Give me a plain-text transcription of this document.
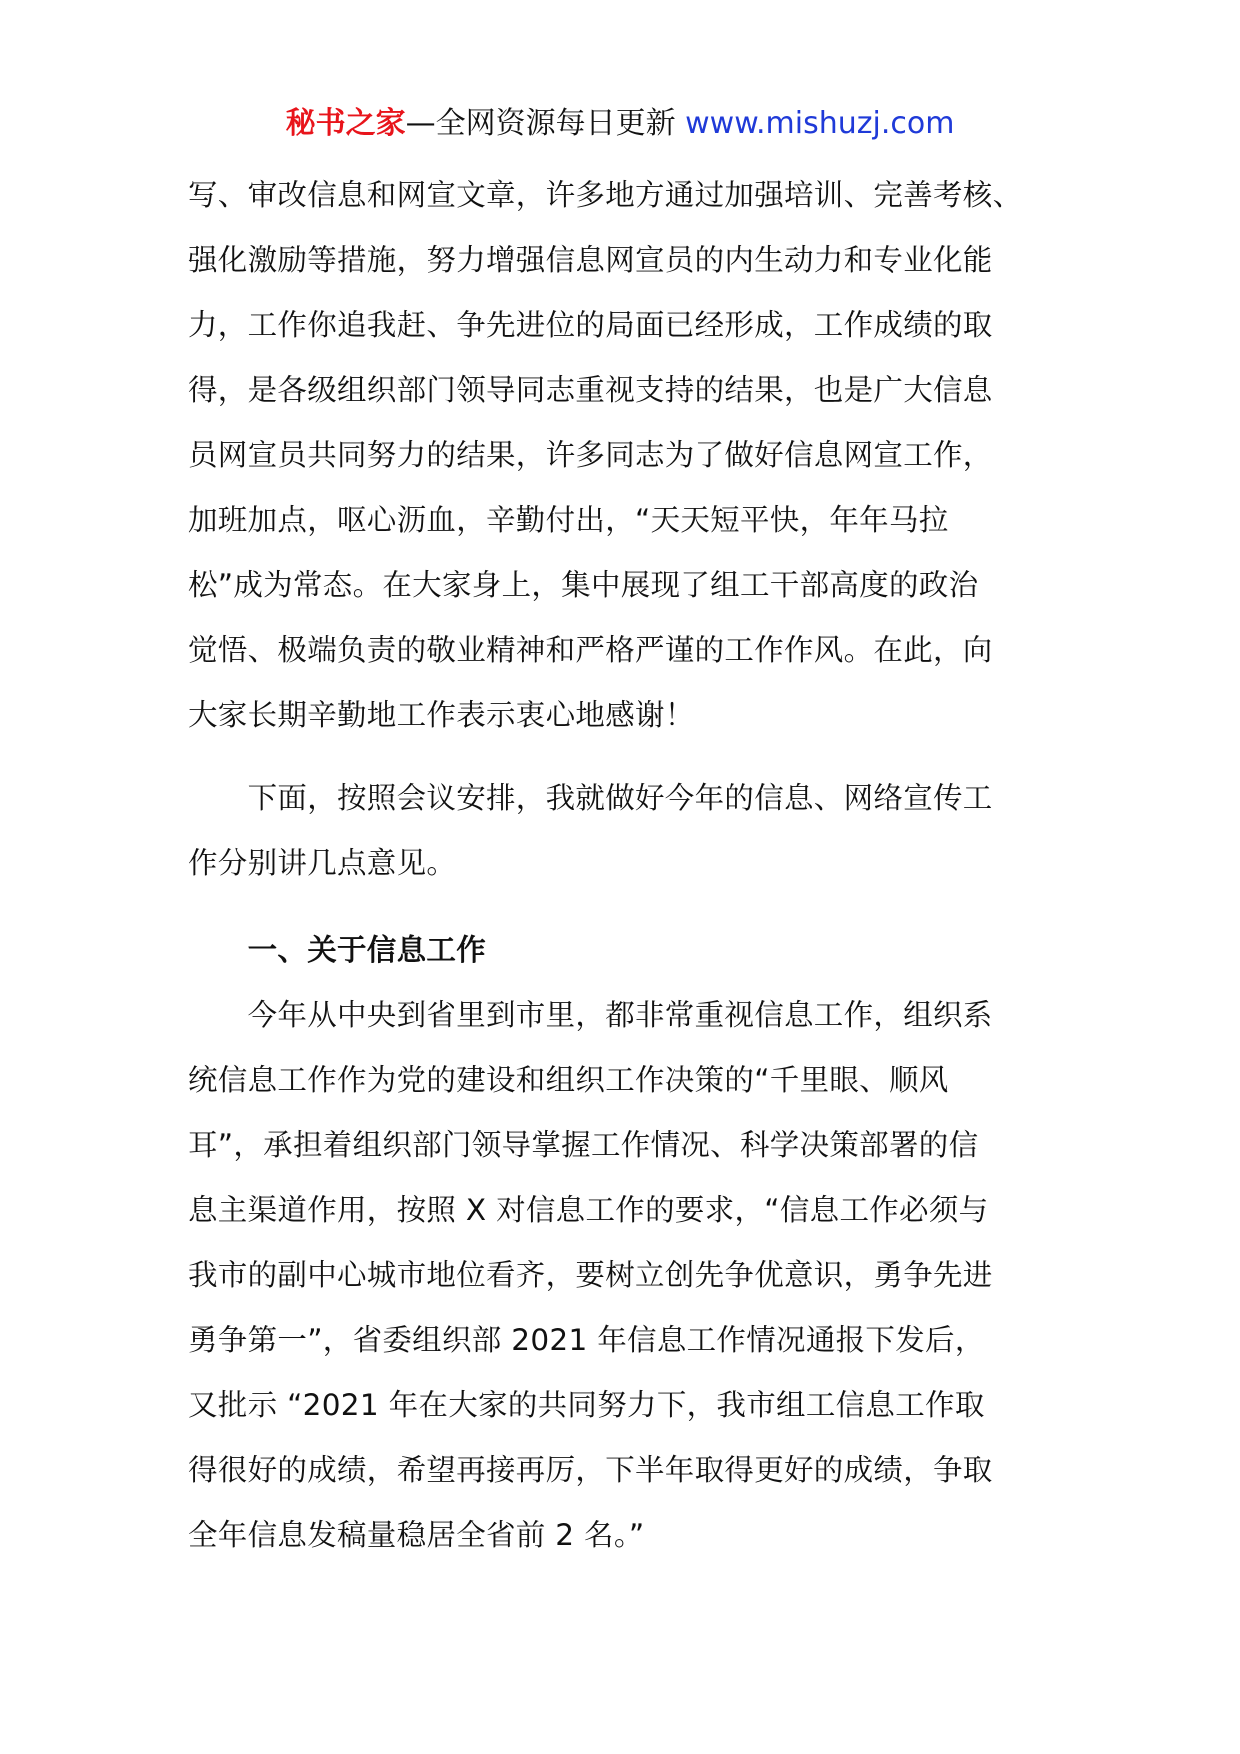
秘书之家—全网资源每日更新 www.mishuzj.com

写、审改信息和网宣文章，许多地方通过加强培训、完善考核、
强化激励等措施，努力增强信息网宣员的内生动力和专业化能
力，工作你追我赶、争先进位的局面已经形成，工作成绩的取
得，是各级组织部门领导同志重视支持的结果，也是广大信息
员网宣员共同努力的结果，许多同志为了做好信息网宣工作，
加班加点，呕心沥血，辛勤付出，“天天短平快，年年马拉
松”成为常态。在大家身上，集中展现了组工干部高度的政治
觉悟、极端负责的敬业精神和严格严谨的工作作风。在此，向
大家长期辛勤地工作表示衷心地感谢！

　　下面，按照会议安排，我就做好今年的信息、网络宣传工
作分别讲几点意见。

　　一、关于信息工作

　　今年从中央到省里到市里，都非常重视信息工作，组织系
统信息工作作为党的建设和组织工作决策的“千里眼、顺风
耳”，承担着组织部门领导掌握工作情况、科学决策部署的信
息主渠道作用，按照 X 对信息工作的要求，“信息工作必须与
我市的副中心城市地位看齐，要树立创先争优意识，勇争先进
勇争第一”，省委组织部 2021 年信息工作情况通报下发后，
又批示 “2021 年在大家的共同努力下，我市组工信息工作取
得很好的成绩，希望再接再厉，下半年取得更好的成绩，争取
全年信息发稿量稳居全省前 2 名。”
